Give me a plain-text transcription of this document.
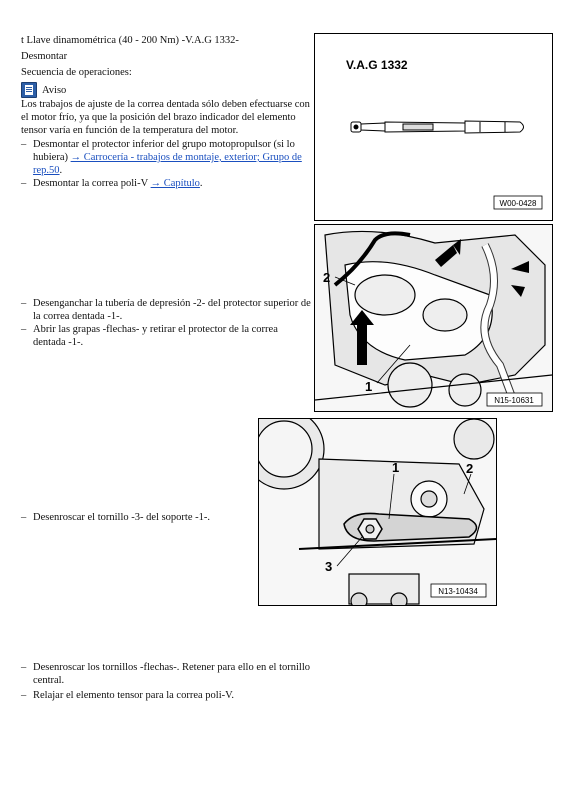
t Llave dinamométrica (40 - 200 Nm) -V.A.G 1332-
Desmontar
Secuencia de operaciones:
Aviso
Los trabajos de ajuste de la correa dentada sólo deben efectuarse con el motor frío, ya que la posición del brazo indicador del elemento tensor varía en función de la temperatura del motor.
– Desmontar el protector inferior del grupo motopropulsor (si lo hubiera) → Carrocería - trabajos de montaje, exterior; Grupo de rep.50.
– Desmontar la correa poli-V → Capítulo.
– Desenganchar la tubería de depresión -2- del protector superior de la correa dentada -1-.
– Abrir las grapas -flechas- y retirar el protector de la correa dentada -1-.
– Desenroscar el tornillo -3- del soporte -1-.
– Desenroscar los tornillos -flechas-. Retener para ello en el tornillo central.
– Relajar el elemento tensor para la correa poli-V.
V.A.G 1332
W00-0428
2
1
N15-10631
1	2
3
N13-10434
